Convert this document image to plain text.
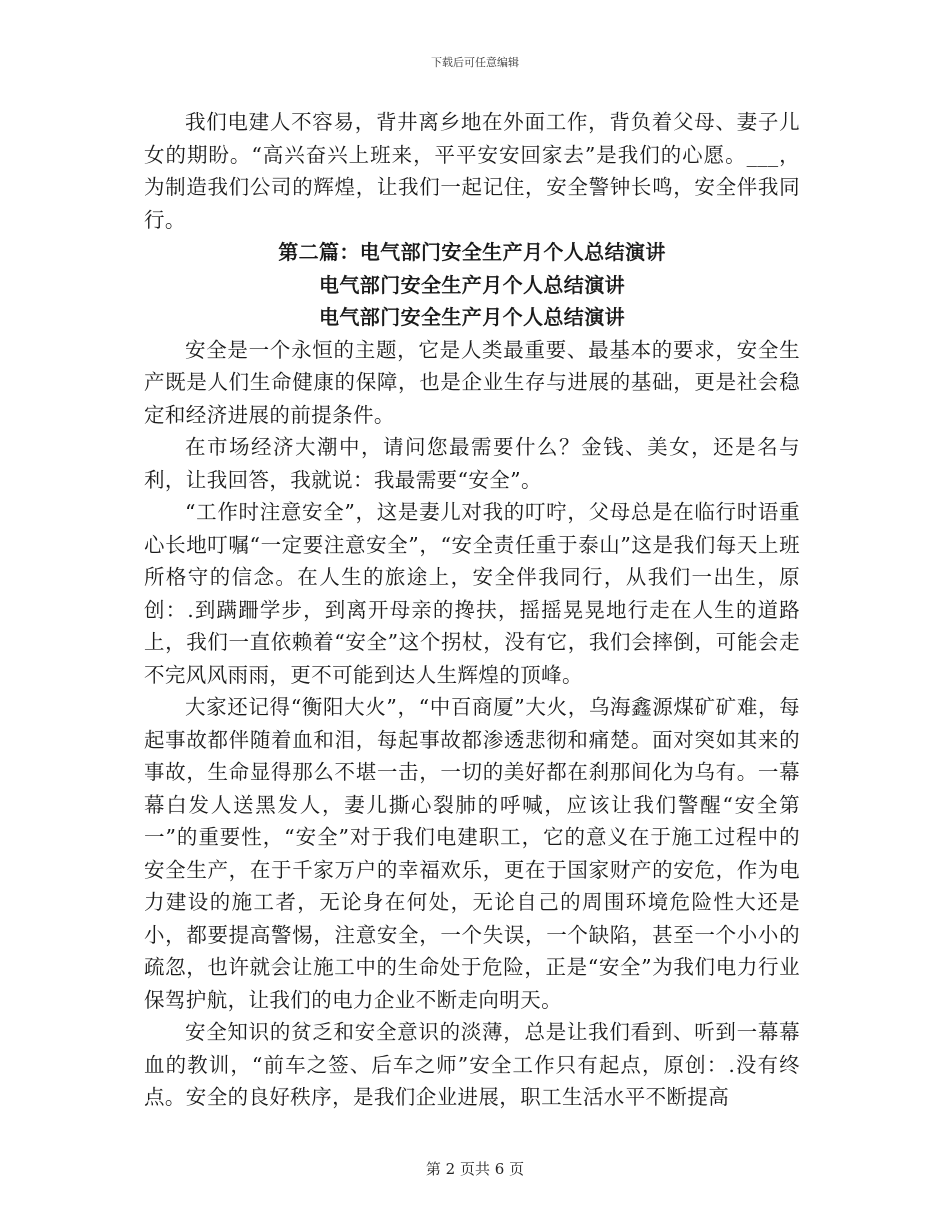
下载后可任意编辑

我们电建人不容易，背井离乡地在外面工作，背负着父母、妻子儿女的期盼。“高兴奋兴上班来，平平安安回家去”是我们的心愿。___，为制造我们公司的辉煌，让我们一起记住，安全警钟长鸣，安全伴我同行。

第二篇：电气部门安全生产月个人总结演讲
电气部门安全生产月个人总结演讲
电气部门安全生产月个人总结演讲

安全是一个永恒的主题，它是人类最重要、最基本的要求，安全生产既是人们生命健康的保障，也是企业生存与进展的基础，更是社会稳定和经济进展的前提条件。

在市场经济大潮中，请问您最需要什么？金钱、美女，还是名与利，让我回答，我就说：我最需要“安全”。

“工作时注意安全”，这是妻儿对我的叮咛，父母总是在临行时语重心长地叮嘱“一定要注意安全”，“安全责任重于泰山”这是我们每天上班所格守的信念。在人生的旅途上，安全伴我同行，从我们一出生，原创：.到蹒跚学步，到离开母亲的搀扶，摇摇晃晃地行走在人生的道路上，我们一直依赖着“安全”这个拐杖，没有它，我们会摔倒，可能会走不完风风雨雨，更不可能到达人生辉煌的顶峰。

大家还记得“衡阳大火”，“中百商厦”大火，乌海鑫源煤矿矿难，每起事故都伴随着血和泪，每起事故都渗透悲彻和痛楚。面对突如其来的事故，生命显得那么不堪一击，一切的美好都在刹那间化为乌有。一幕幕白发人送黑发人，妻儿撕心裂肺的呼喊，应该让我们警醒“安全第一”的重要性，“安全”对于我们电建职工，它的意义在于施工过程中的安全生产，在于千家万户的幸福欢乐，更在于国家财产的安危，作为电力建设的施工者，无论身在何处，无论自己的周围环境危险性大还是小，都要提高警惕，注意安全，一个失误，一个缺陷，甚至一个小小的疏忽，也许就会让施工中的生命处于危险，正是“安全”为我们电力行业保驾护航，让我们的电力企业不断走向明天。

安全知识的贫乏和安全意识的淡薄，总是让我们看到、听到一幕幕血的教训，“前车之签、后车之师”安全工作只有起点，原创：.没有终点。安全的良好秩序，是我们企业进展，职工生活水平不断提高

第 2 页共 6 页
